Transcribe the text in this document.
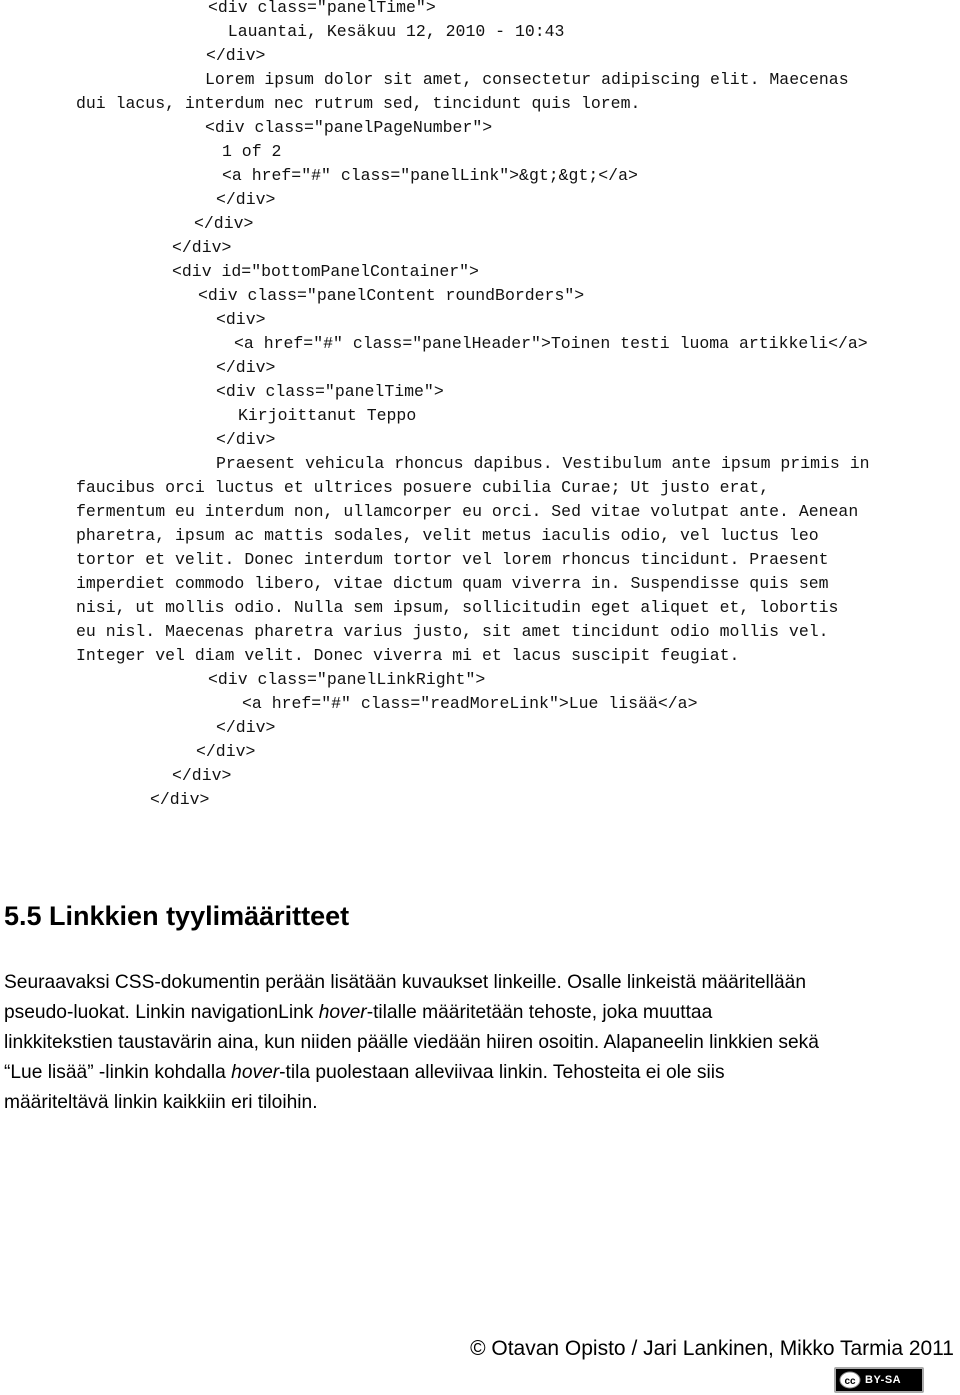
<div class="panelTime">
Lauantai, Kesäkuu 12, 2010 - 10:43
</div>
Lorem ipsum dolor sit amet, consectetur adipiscing elit. Maecenas
dui lacus, interdum nec rutrum sed, tincidunt quis lorem.
<div class="panelPageNumber">
1 of 2
<a href="#" class="panelLink">&gt;&gt;</a>
</div>
</div>
</div>
<div id="bottomPanelContainer">
<div class="panelContent roundBorders">
<div>
<a href="#" class="panelHeader">Toinen testi luoma artikkeli</a>
</div>
<div class="panelTime">
Kirjoittanut Teppo
</div>
Praesent vehicula rhoncus dapibus. Vestibulum ante ipsum primis in
faucibus orci luctus et ultrices posuere cubilia Curae; Ut justo erat,
fermentum eu interdum non, ullamcorper eu orci. Sed vitae volutpat ante. Aenean
pharetra, ipsum ac mattis sodales, velit metus iaculis odio, vel luctus leo
tortor et velit. Donec interdum tortor vel lorem rhoncus tincidunt. Praesent
imperdiet commodo libero, vitae dictum quam viverra in. Suspendisse quis sem
nisi, ut mollis odio. Nulla sem ipsum, sollicitudin eget aliquet et, lobortis
eu nisl. Maecenas pharetra varius justo, sit amet tincidunt odio mollis vel.
Integer vel diam velit. Donec viverra mi et lacus suscipit feugiat.
<div class="panelLinkRight">
<a href="#" class="readMoreLink">Lue lisää</a>
</div>
</div>
</div>
</div>
5.5 Linkkien tyylimääritteet
Seuraavaksi CSS-dokumentin perään lisätään kuvaukset linkeille. Osalle linkeistä määritellään
pseudo-luokat. Linkin navigationLink hover-tilalle määritetään tehoste, joka muuttaa
linkkitekstien taustavärin aina, kun niiden päälle viedään hiiren osoitin. Alapaneelin linkkien sekä
“Lue lisää” -linkin kohdalla hover-tila puolestaan alleviivaa linkin. Tehosteita ei ole siis
määriteltävä linkin kaikkiin eri tiloihin.
© Otavan Opisto / Jari Lankinen, Mikko Tarmia 2011
cc BY-SA
